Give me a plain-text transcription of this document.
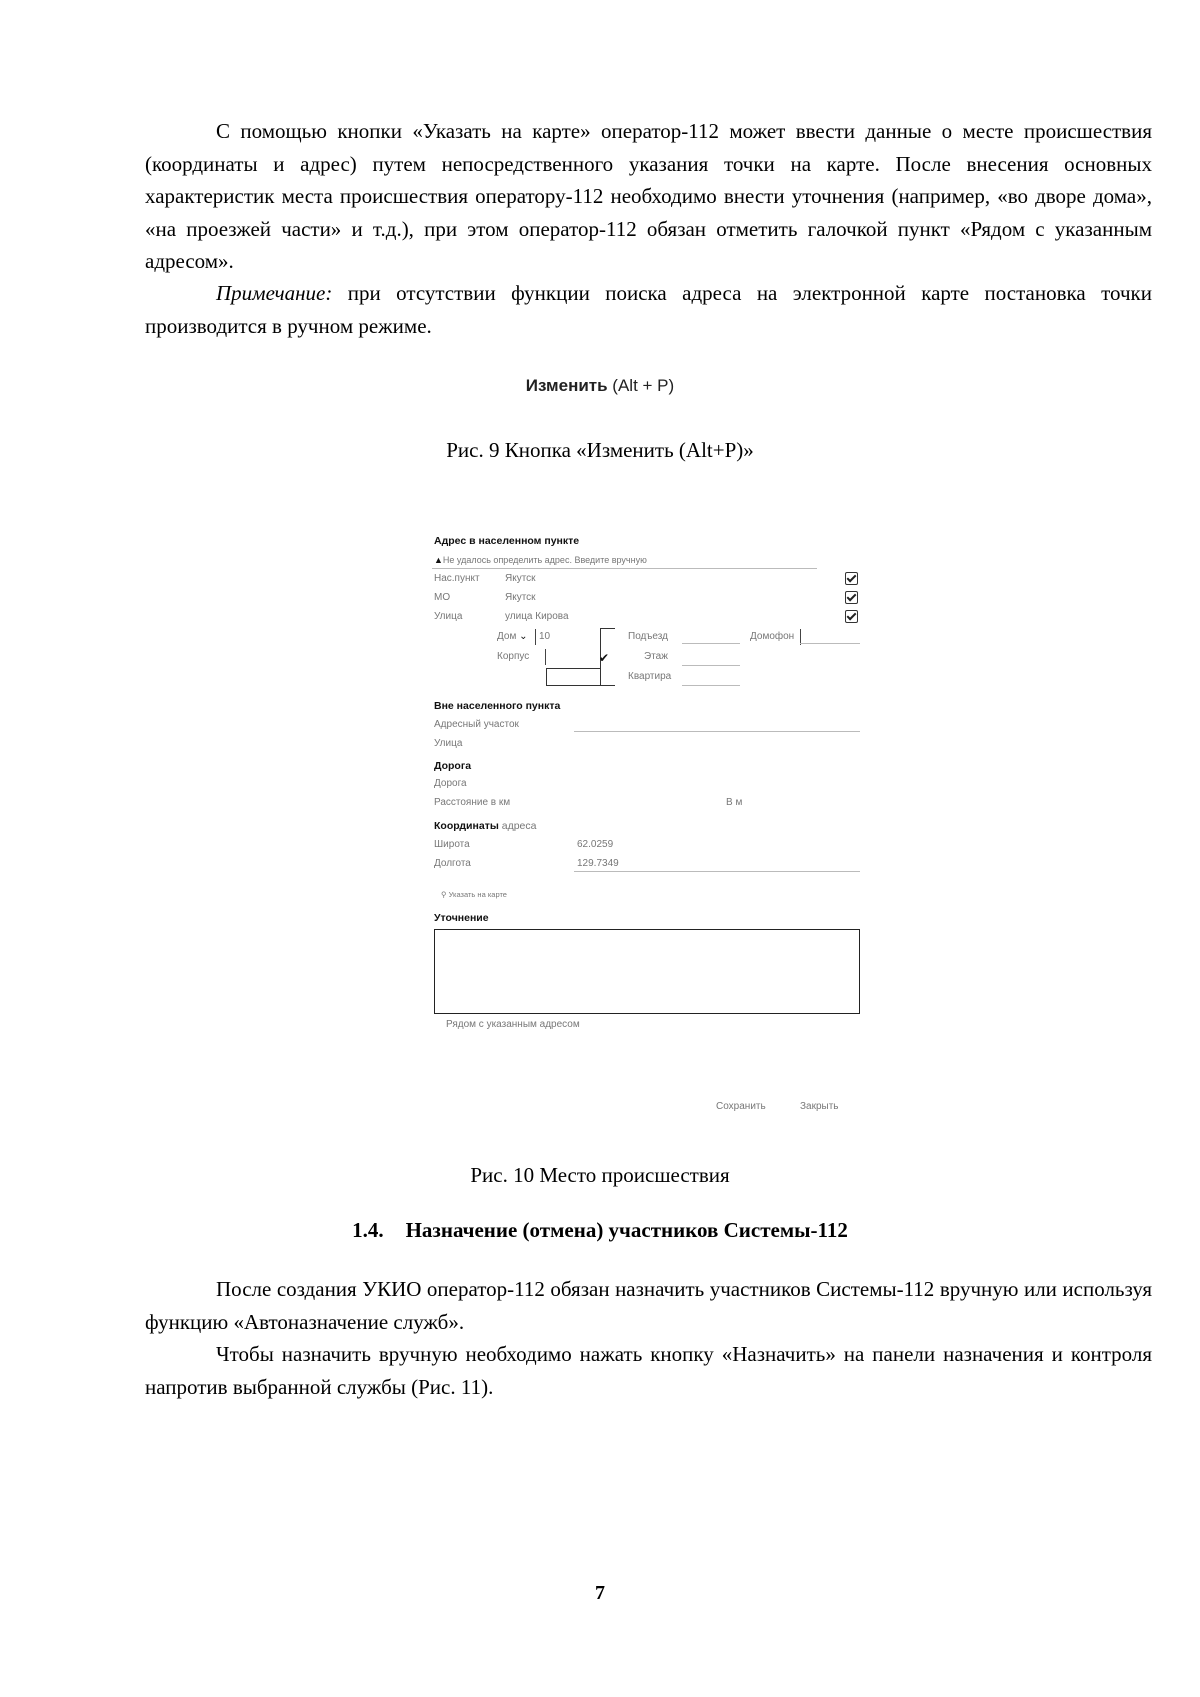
С помощью кнопки «Указать на карте» оператор-112 может ввести данные о месте происшествия (координаты и адрес) путем непосредственного указания точки на карте. После внесения основных характеристик места происшествия оператору-112 необходимо внести уточнения (например, «во дворе дома», «на проезжей части» и т.д.), при этом оператор-112 обязан отметить галочкой пункт «Рядом с указанным адресом».

Примечание: при отсутствии функции поиска адреса на электронной карте постановка точки производится в ручном режиме.

Изменить (Alt + P)
Рис. 9 Кнопка «Изменить (Alt+P)»
Адрес в населенном пункте
▲Не удалось определить адрес. Введите вручную
Нас.пункт	Якутск
МО	Якутск
Улица	улица Кирова
Дом ⌄ 10
Корпус	✔
Подъезд
Этаж
Квартира
Домофон
Вне населенного пункта
Адресный участок
Улица
Дорога
Дорога
Расстояние в км	В м
Координаты адреса
Широта	62.0259
Долгота	129.7349
⚲ Указать на карте
Уточнение
Рядом с указанным адресом
Сохранить	Закрыть
Рис. 10 Место происшествия
1.4. Назначение (отмена) участников Системы-112

После создания УКИО оператор-112 обязан назначить участников Системы-112 вручную или используя функцию «Автоназначение служб».

Чтобы назначить вручную необходимо нажать кнопку «Назначить» на панели назначения и контроля напротив выбранной службы (Рис. 11).

7
